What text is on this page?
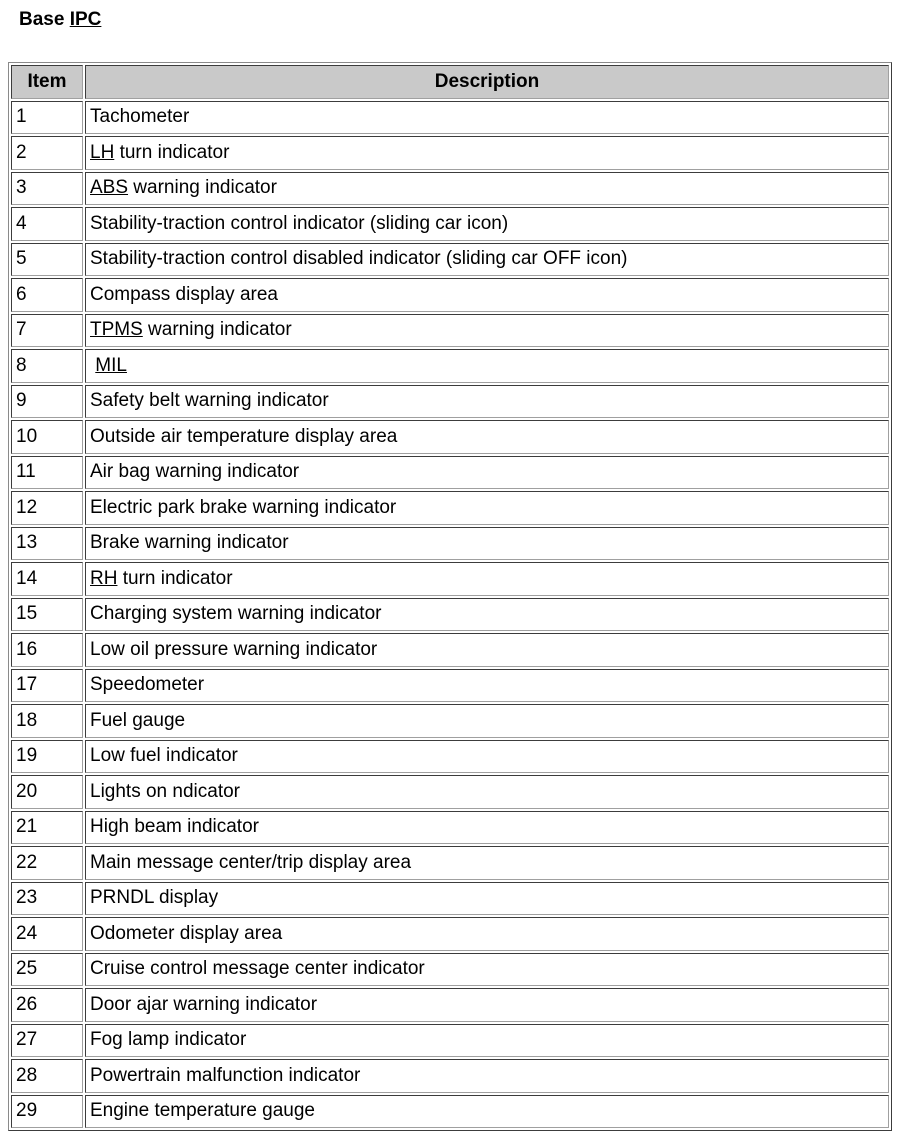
Base IPC
Item	Description
1	Tachometer
2	LH turn indicator
3	ABS warning indicator
4	Stability-traction control indicator (sliding car icon)
5	Stability-traction control disabled indicator (sliding car OFF icon)
6	Compass display area
7	TPMS warning indicator
8	MIL
9	Safety belt warning indicator
10	Outside air temperature display area
11	Air bag warning indicator
12	Electric park brake warning indicator
13	Brake warning indicator
14	RH turn indicator
15	Charging system warning indicator
16	Low oil pressure warning indicator
17	Speedometer
18	Fuel gauge
19	Low fuel indicator
20	Lights on ndicator
21	High beam indicator
22	Main message center/trip display area
23	PRNDL display
24	Odometer display area
25	Cruise control message center indicator
26	Door ajar warning indicator
27	Fog lamp indicator
28	Powertrain malfunction indicator
29	Engine temperature gauge
